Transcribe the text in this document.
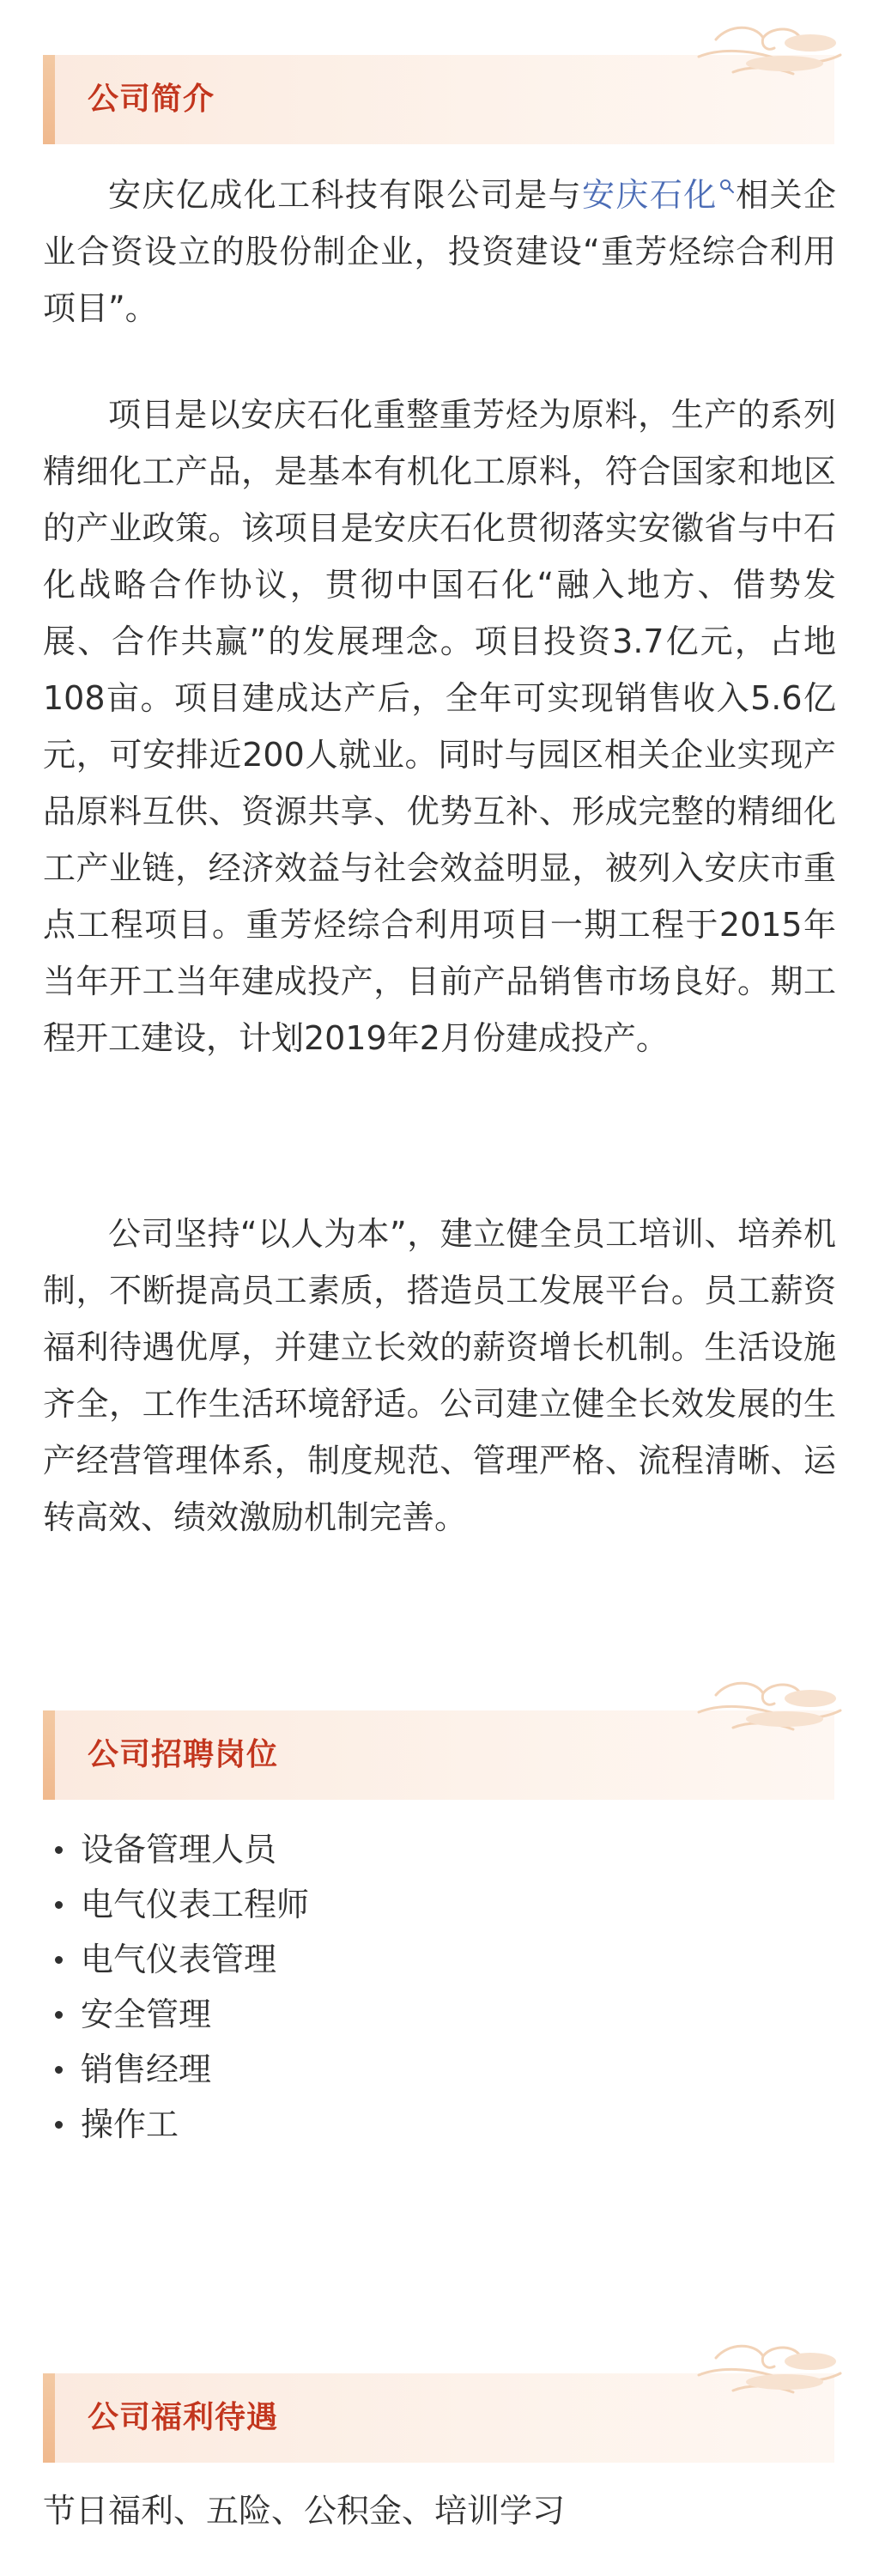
公司简介

安庆亿成化工科技有限公司是与安庆石化 相关企业合资设立的股份制企业，投资建设“重芳烃综合利用项目”。

项目是以安庆石化重整重芳烃为原料，生产的系列精细化工产品，是基本有机化工原料，符合国家和地区的产业政策。该项目是安庆石化贯彻落实安徽省与中石化战略合作协议，贯彻中国石化“融入地方、借势发展、合作共赢”的发展理念。项目投资3.7亿元，占地108亩。项目建成达产后，全年可实现销售收入5.6亿元，可安排近200人就业。同时与园区相关企业实现产品原料互供、资源共享、优势互补、形成完整的精细化工产业链，经济效益与社会效益明显，被列入安庆市重点工程项目。重芳烃综合利用项目一期工程于2015年当年开工当年建成投产，目前产品销售市场良好。期工程开工建设，计划2019年2月份建成投产。

公司坚持“以人为本”，建立健全员工培训、培养机制，不断提高员工素质，搭造员工发展平台。员工薪资福利待遇优厚，并建立长效的薪资增长机制。生活设施齐全，工作生活环境舒适。公司建立健全长效发展的生产经营管理体系，制度规范、管理严格、流程清晰、运转高效、绩效激励机制完善。

公司招聘岗位
设备管理人员
电气仪表工程师
电气仪表管理
安全管理
销售经理
操作工
公司福利待遇
节日福利、五险、公积金、培训学习
